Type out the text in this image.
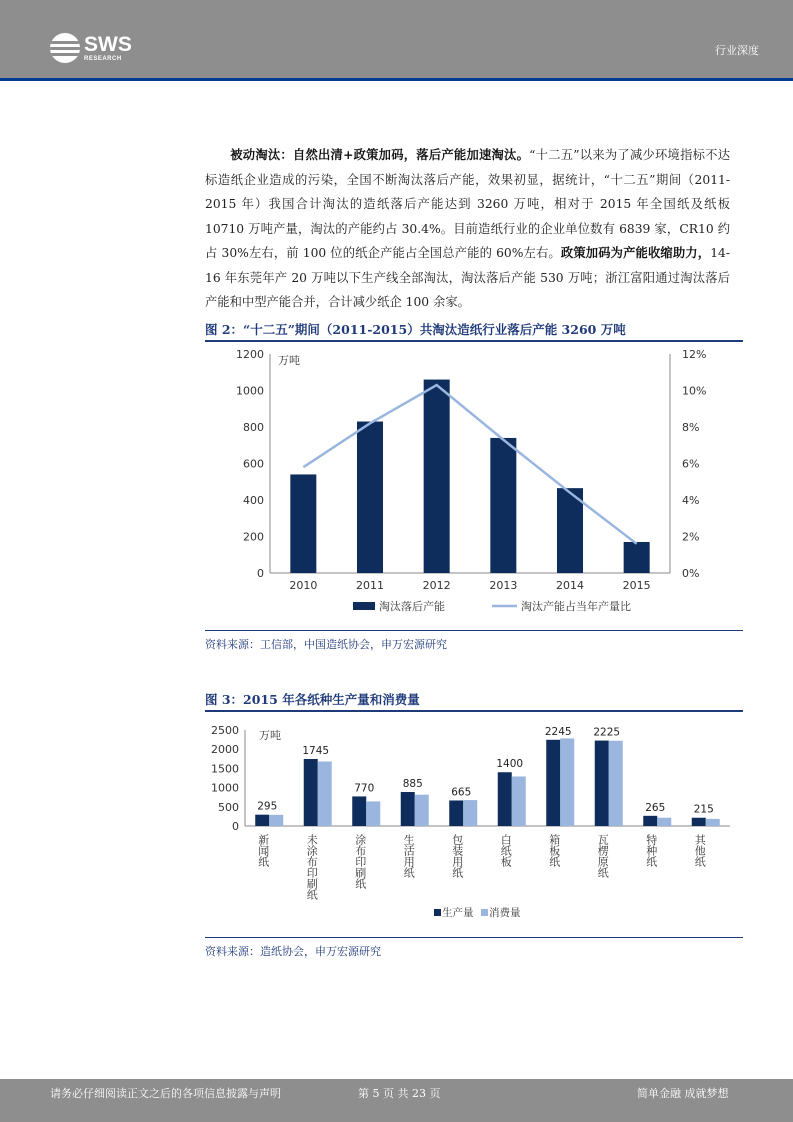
SWS
RESEARCH
行业深度
被动淘汰：自然出清+政策加码，落后产能加速淘汰。“十二五”以来为了减少环境指标不达标造纸企业造成的污染，全国不断淘汰落后产能，效果初显，据统计，“十二五”期间（2011-2015 年）我国合计淘汰的造纸落后产能达到 3260 万吨，相对于 2015 年全国纸及纸板 10710 万吨产量，淘汰的产能约占 30.4%。目前造纸行业的企业单位数有 6839 家，CR10 约占 30%左右，前 100 位的纸企产能占全国总产能的 60%左右。政策加码为产能收缩助力，14-16 年东莞年产 20 万吨以下生产线全部淘汰，淘汰落后产能 530 万吨；浙江富阳通过淘汰落后产能和中型产能合并，合计减少纸企 100 余家。
图 2：“十二五”期间（2011-2015）共淘汰造纸行业落后产能 3260 万吨
0
200
400
600
800
1000
1200
0%
2%
4%
6%
8%
10%
12%
万吨
2010	2011	2012	2013	2014	2015
淘汰落后产能	淘汰产能占当年产量比
资料来源：工信部，中国造纸协会，申万宏源研究
图 3：2015 年各纸种生产量和消费量
0
500
1000
1500
2000
2500 万吨
295
新闻纸
1745
未涂布印刷纸
770
涂布印刷纸
885
生活用纸
665
包装用纸
1400
白纸板
2245
箱板纸
2225
瓦楞原纸
265
特种纸
215
其他纸
生产量 消费量
资料来源：造纸协会，申万宏源研究
请务必仔细阅读正文之后的各项信息披露与声明	第 5 页 共 23 页	简单金融 成就梦想
